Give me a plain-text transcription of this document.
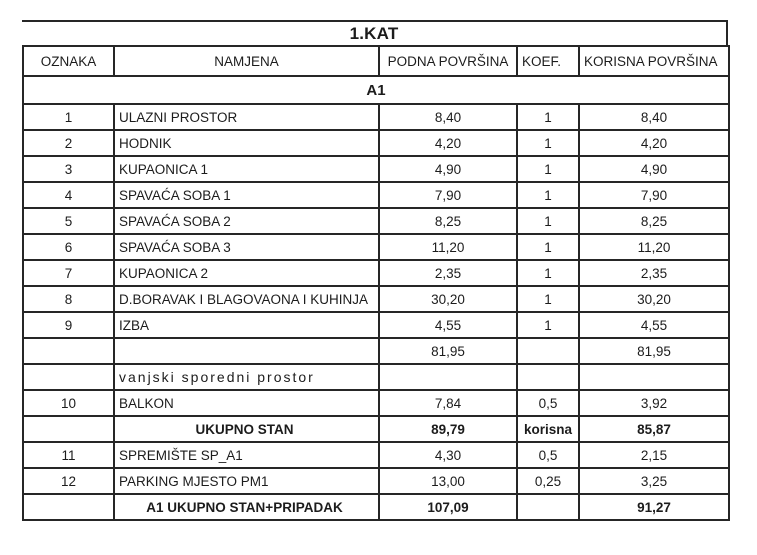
1.KAT
OZNAKA	NAMJENA	PODNA POVRŠINA	KOEF.	KORISNA POVRŠINA
A1				
1	ULAZNI PROSTOR	8,40	1	8,40
2	HODNIK	4,20	1	4,20
3	KUPAONICA 1	4,90	1	4,90
4	SPAVAĆA SOBA 1	7,90	1	7,90
5	SPAVAĆA SOBA 2	8,25	1	8,25
6	SPAVAĆA SOBA 3	11,20	1	11,20
7	KUPAONICA 2	2,35	1	2,35
8	D.BORAVAK I BLAGOVAONA I KUHINJA	30,20	1	30,20
9	IZBA	4,55	1	4,55
		81,95		81,95
	vanjski sporedni prostor			
10	BALKON	7,84	0,5	3,92
	UKUPNO STAN	89,79	korisna	85,87
11	SPREMIŠTE SP_A1	4,30	0,5	2,15
12	PARKING MJESTO PM1	13,00	0,25	3,25
	A1 UKUPNO STAN+PRIPADAK	107,09		91,27
